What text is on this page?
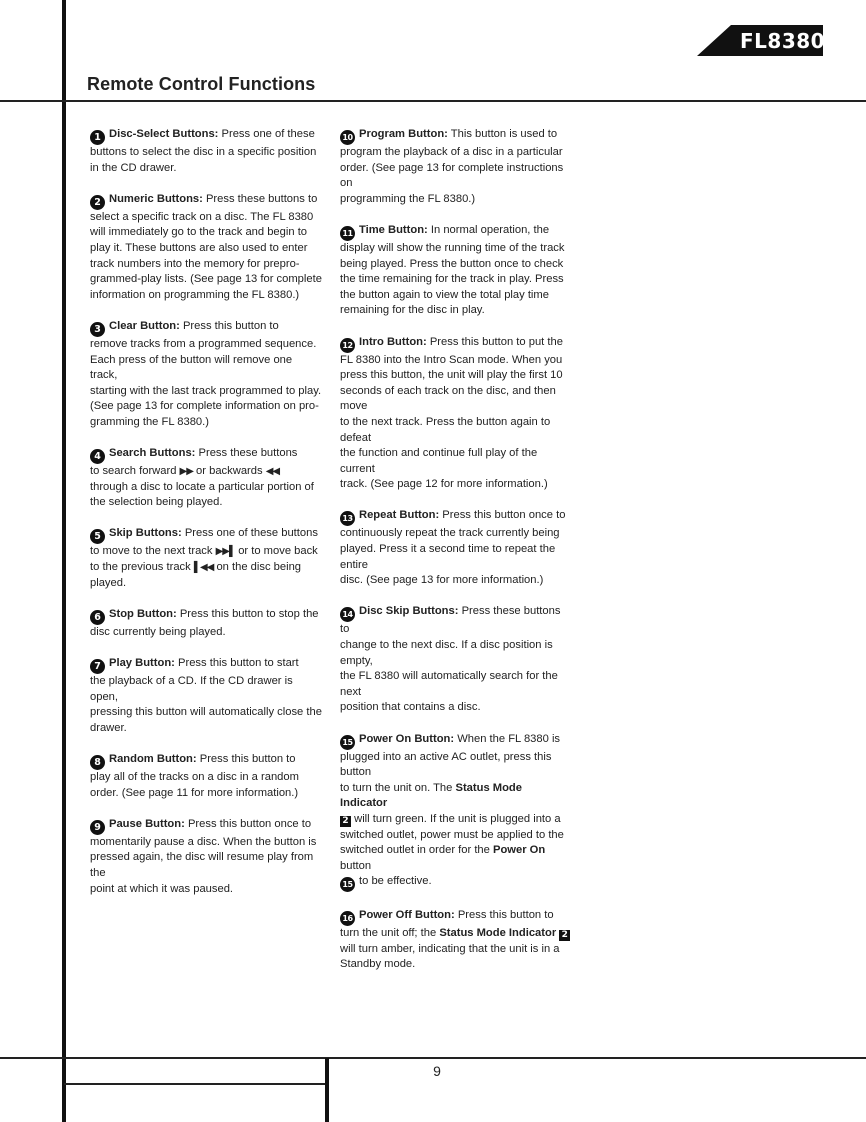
FL8380
Remote Control Functions

1 Disc-Select Buttons: Press one of these

buttons to select the disc in a specific position

in the CD drawer.

2 Numeric Buttons: Press these buttons to

select a specific track on a disc. The FL 8380

will immediately go to the track and begin to

play it. These buttons are also used to enter

track numbers into the memory for prepro-

grammed-play lists. (See page 13 for complete

information on programming the FL 8380.)

3 Clear Button: Press this button to

remove tracks from a programmed sequence.

Each press of the button will remove one track,

starting with the last track programmed to play.

(See page 13 for complete information on pro-

gramming the FL 8380.)

4 Search Buttons: Press these buttons

to search forward ▶▶ or backwards ◀◀

through a disc to locate a particular portion of

the selection being played.

5 Skip Buttons: Press one of these buttons

to move to the next track ▶▶▌ or to move back

to the previous track ▌◀◀ on the disc being

played.

6 Stop Button: Press this button to stop the

disc currently being played.

7 Play Button: Press this button to start

the playback of a CD. If the CD drawer is open,

pressing this button will automatically close the

drawer.

8 Random Button: Press this button to

play all of the tracks on a disc in a random

order. (See page 11 for more information.)

9 Pause Button: Press this button once to

momentarily pause a disc. When the button is

pressed again, the disc will resume play from the

point at which it was paused.

10 Program Button: This button is used to

program the playback of a disc in a particular

order. (See page 13 for complete instructions on

programming the FL 8380.)

11 Time Button: In normal operation, the

display will show the running time of the track

being played. Press the button once to check

the time remaining for the track in play. Press

the button again to view the total play time

remaining for the disc in play.

12 Intro Button: Press this button to put the

FL 8380 into the Intro Scan mode. When you

press this button, the unit will play the first 10

seconds of each track on the disc, and then move

to the next track. Press the button again to defeat

the function and continue full play of the current

track. (See page 12 for more information.)

13 Repeat Button: Press this button once to

continuously repeat the track currently being

played. Press it a second time to repeat the entire

disc. (See page 13 for more information.)

14 Disc Skip Buttons: Press these buttons to

change to the next disc. If a disc position is empty,

the FL 8380 will automatically search for the next

position that contains a disc.

15 Power On Button: When the FL 8380 is

plugged into an active AC outlet, press this button

to turn the unit on. The Status Mode Indicator

2 will turn green. If the unit is plugged into a

switched outlet, power must be applied to the

switched outlet in order for the Power On button

15 to be effective.

16 Power Off Button: Press this button to

turn the unit off; the Status Mode Indicator 2

will turn amber, indicating that the unit is in a

Standby mode.

9
